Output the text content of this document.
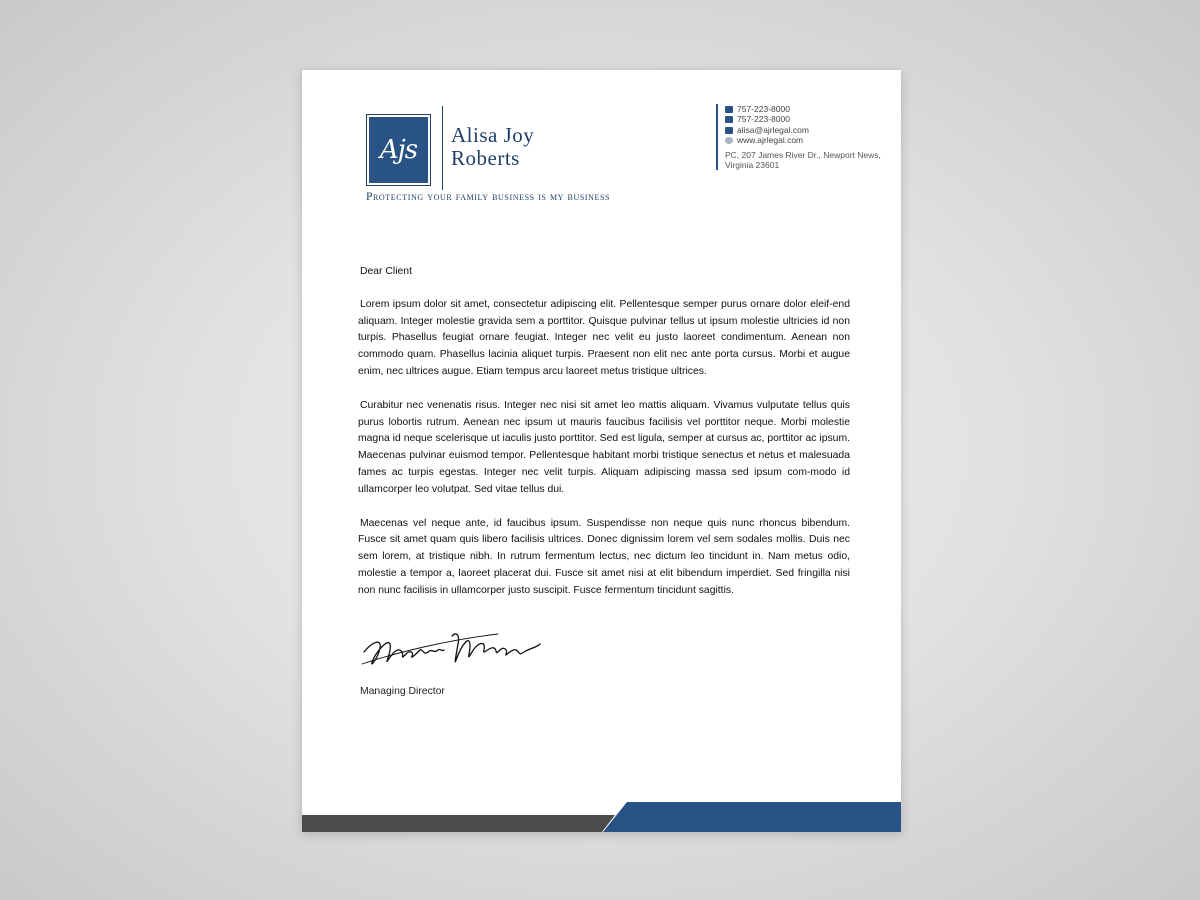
Ajs	Alisa Joy
Roberts
Protecting your family business is my business
757-223-8000
757-223-8000
alisa@ajrlegal.com
www.ajrlegal.com
PC, 207 James River Dr., Newport News,
Virginia 23601

Dear Client

Lorem ipsum dolor sit amet, consectetur adipiscing elit. Pellentesque semper purus ornare dolor eleif-end aliquam. Integer molestie gravida sem a porttitor. Quisque pulvinar tellus ut ipsum molestie ultricies id non turpis. Phasellus feugiat ornare feugiat. Integer nec velit eu justo laoreet condimentum. Aenean non commodo quam. Phasellus lacinia aliquet turpis. Praesent non elit nec ante porta cursus. Morbi et augue enim, nec ultrices augue. Etiam tempus arcu laoreet metus tristique ultrices.

Curabitur nec venenatis risus. Integer nec nisi sit amet leo mattis aliquam. Vivamus vulputate tellus quis purus lobortis rutrum. Aenean nec ipsum ut mauris faucibus facilisis vel porttitor neque. Morbi molestie magna id neque scelerisque ut iaculis justo porttitor. Sed est ligula, semper at cursus ac, porttitor ac ipsum. Maecenas pulvinar euismod tempor. Pellentesque habitant morbi tristique senectus et netus et malesuada fames ac turpis egestas. Integer nec velit turpis. Aliquam adipiscing massa sed ipsum com-modo id ullamcorper leo volutpat. Sed vitae tellus dui.

Maecenas vel neque ante, id faucibus ipsum. Suspendisse non neque quis nunc rhoncus bibendum. Fusce sit amet quam quis libero facilisis ultrices. Donec dignissim lorem vel sem sodales mollis. Duis nec sem lorem, at tristique nibh. In rutrum fermentum lectus, nec dictum leo tincidunt in. Nam metus odio, molestie a tempor a, laoreet placerat dui. Fusce sit amet nisi at elit bibendum imperdiet. Sed fringilla nisi non nunc facilisis in ullamcorper justo suscipit. Fusce fermentum tincidunt sagittis.

Managing Director
